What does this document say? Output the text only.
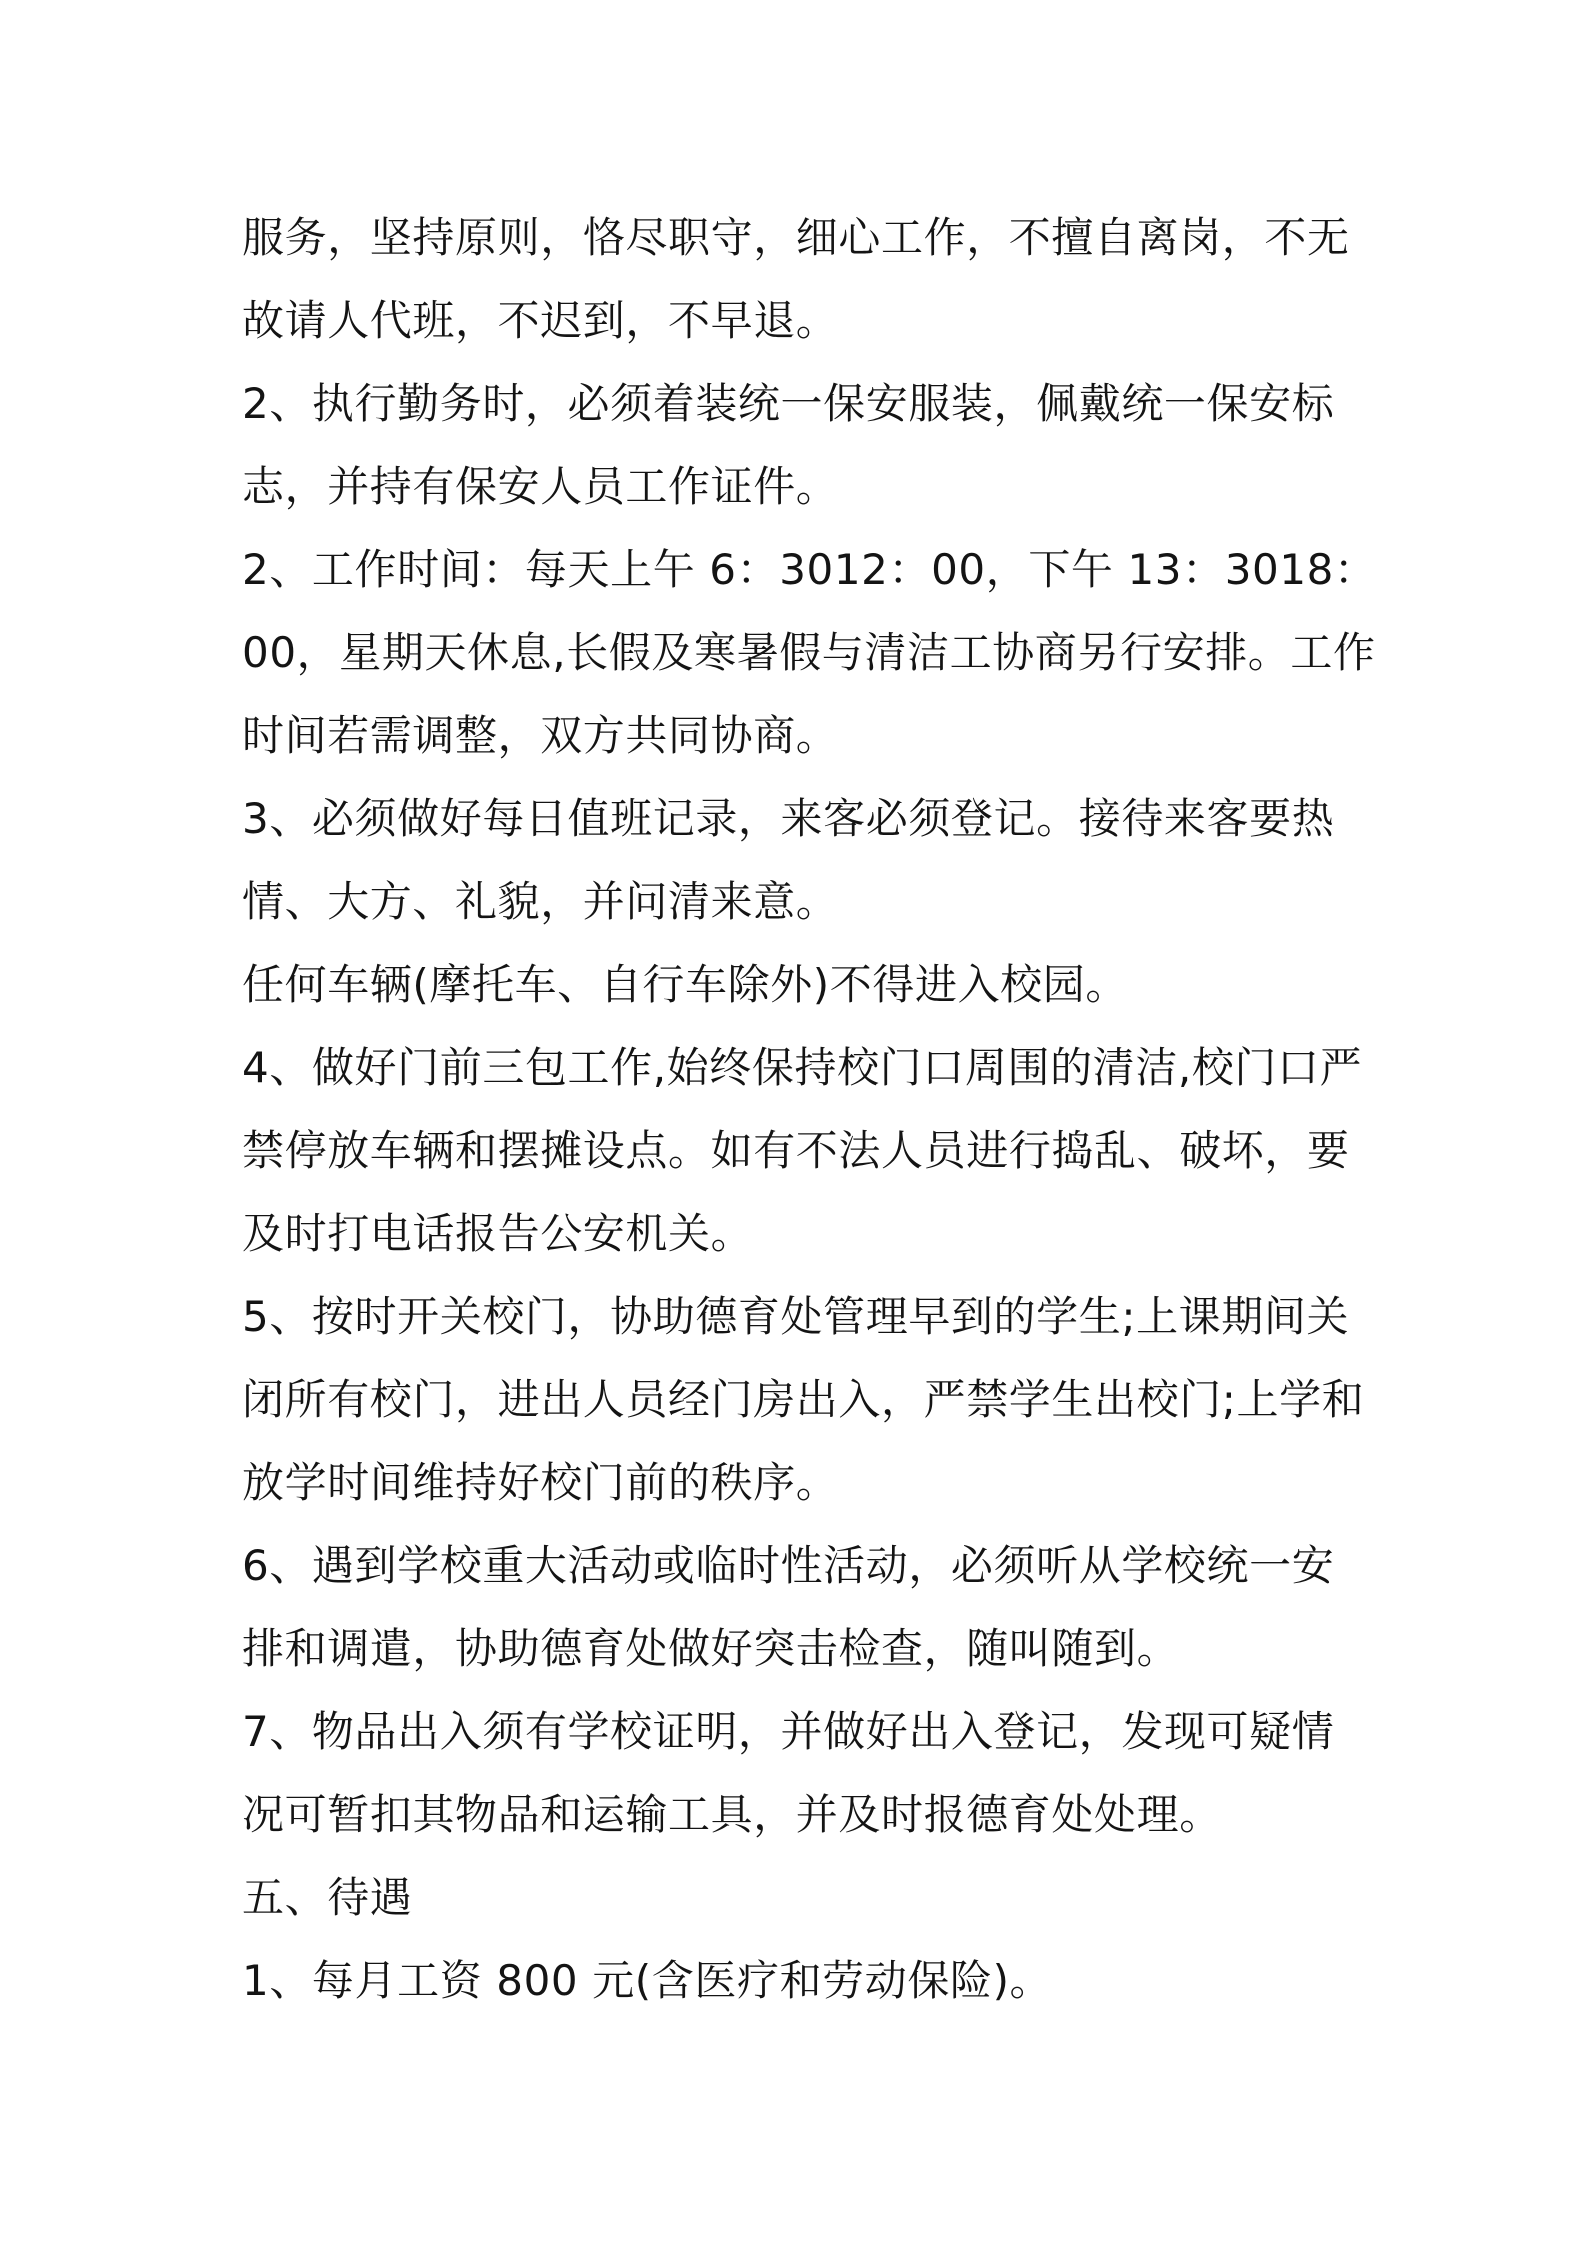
服务，坚持原则，恪尽职守，细心工作，不擅自离岗，不无
故请人代班，不迟到，不早退。
2、执行勤务时，必须着装统一保安服装，佩戴统一保安标
志，并持有保安人员工作证件。
2、工作时间：每天上午 6：3012：00，下午 13：3018：
00，星期天休息,长假及寒暑假与清洁工协商另行安排。工作
时间若需调整，双方共同协商。
3、必须做好每日值班记录，来客必须登记。接待来客要热
情、大方、礼貌，并问清来意。
任何车辆(摩托车、自行车除外)不得进入校园。
4、做好门前三包工作,始终保持校门口周围的清洁,校门口严
禁停放车辆和摆摊设点。如有不法人员进行捣乱、破坏，要
及时打电话报告公安机关。
5、按时开关校门，协助德育处管理早到的学生;上课期间关
闭所有校门，进出人员经门房出入，严禁学生出校门;上学和
放学时间维持好校门前的秩序。
6、遇到学校重大活动或临时性活动，必须听从学校统一安
排和调遣，协助德育处做好突击检查，随叫随到。
7、物品出入须有学校证明，并做好出入登记，发现可疑情
况可暂扣其物品和运输工具，并及时报德育处处理。
五、待遇
1、每月工资 800 元(含医疗和劳动保险)。
